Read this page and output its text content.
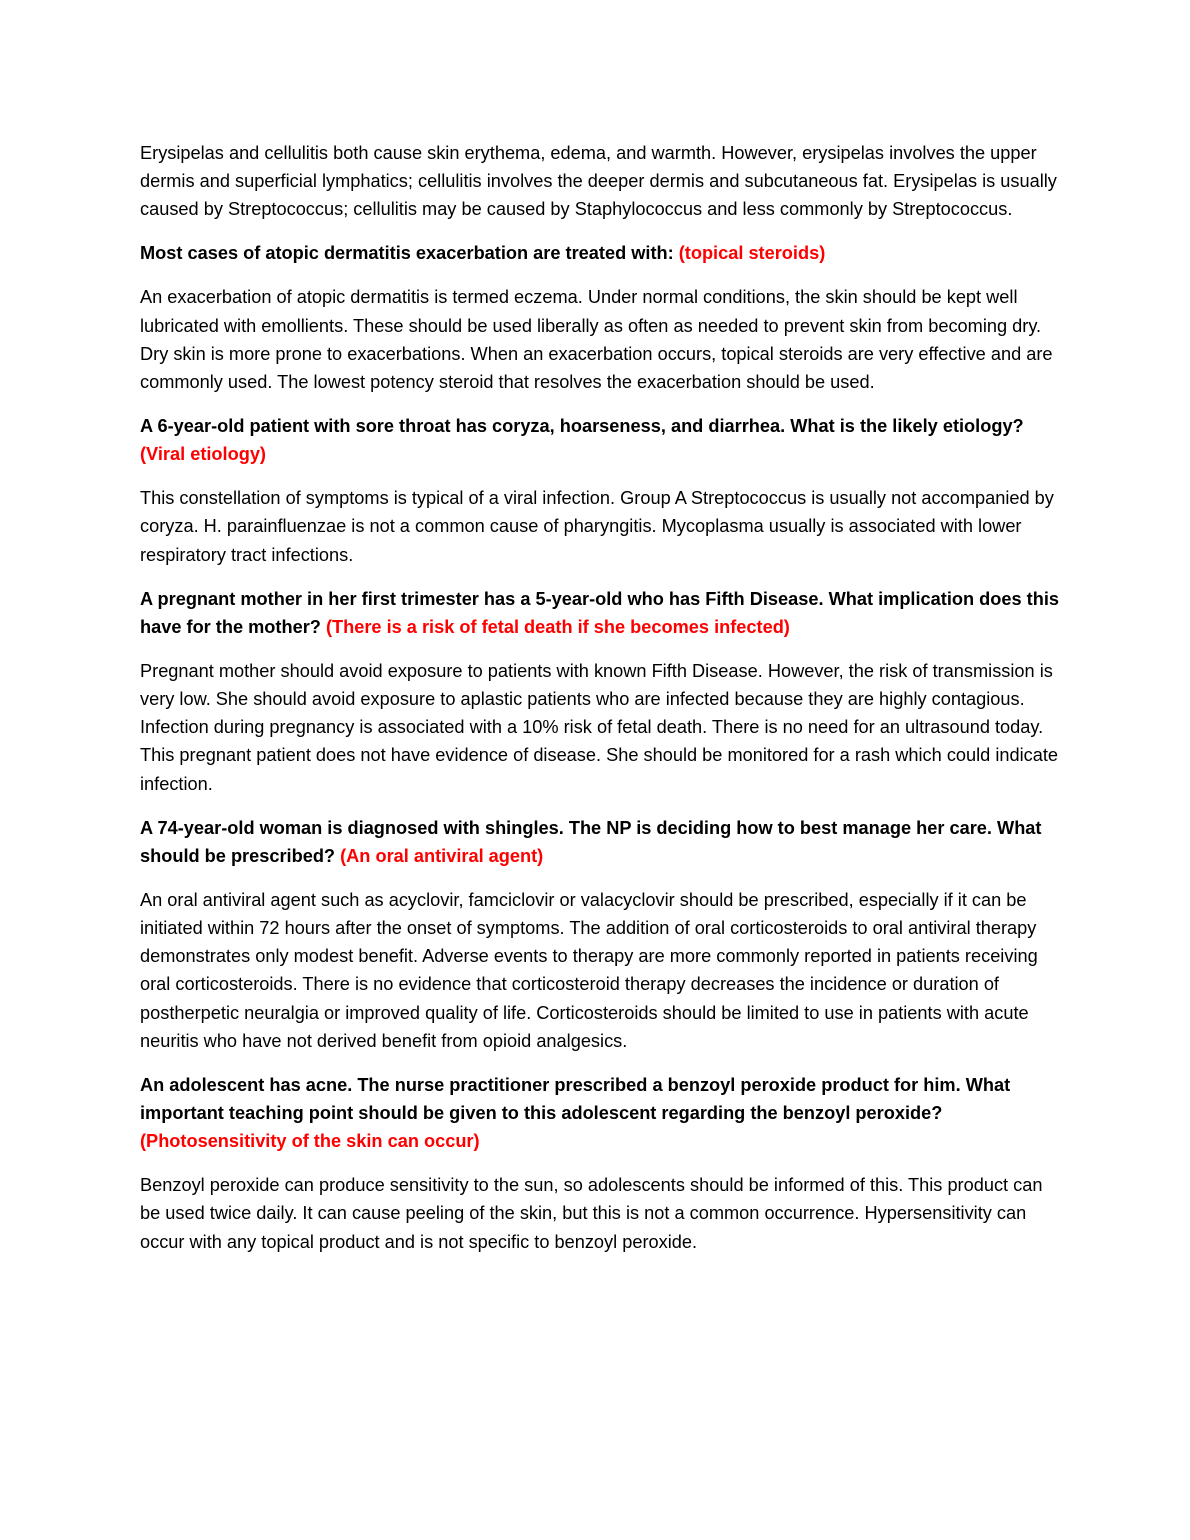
Erysipelas and cellulitis both cause skin erythema, edema, and warmth. However, erysipelas involves the upper dermis and superficial lymphatics; cellulitis involves the deeper dermis and subcutaneous fat. Erysipelas is usually caused by Streptococcus; cellulitis may be caused by Staphylococcus and less commonly by Streptococcus.

Most cases of atopic dermatitis exacerbation are treated with: (topical steroids)

An exacerbation of atopic dermatitis is termed eczema. Under normal conditions, the skin should be kept well lubricated with emollients. These should be used liberally as often as needed to prevent skin from becoming dry. Dry skin is more prone to exacerbations. When an exacerbation occurs, topical steroids are very effective and are commonly used. The lowest potency steroid that resolves the exacerbation should be used.

A 6-year-old patient with sore throat has coryza, hoarseness, and diarrhea. What is the likely etiology? (Viral etiology)

This constellation of symptoms is typical of a viral infection. Group A Streptococcus is usually not accompanied by coryza. H. parainfluenzae is not a common cause of pharyngitis. Mycoplasma usually is associated with lower respiratory tract infections.

A pregnant mother in her first trimester has a 5-year-old who has Fifth Disease. What implication does this have for the mother? (There is a risk of fetal death if she becomes infected)

Pregnant mother should avoid exposure to patients with known Fifth Disease. However, the risk of transmission is very low. She should avoid exposure to aplastic patients who are infected because they are highly contagious. Infection during pregnancy is associated with a 10% risk of fetal death. There is no need for an ultrasound today. This pregnant patient does not have evidence of disease. She should be monitored for a rash which could indicate infection.

A 74-year-old woman is diagnosed with shingles. The NP is deciding how to best manage her care. What should be prescribed? (An oral antiviral agent)

An oral antiviral agent such as acyclovir, famciclovir or valacyclovir should be prescribed, especially if it can be initiated within 72 hours after the onset of symptoms. The addition of oral corticosteroids to oral antiviral therapy demonstrates only modest benefit. Adverse events to therapy are more commonly reported in patients receiving oral corticosteroids. There is no evidence that corticosteroid therapy decreases the incidence or duration of postherpetic neuralgia or improved quality of life. Corticosteroids should be limited to use in patients with acute neuritis who have not derived benefit from opioid analgesics.

An adolescent has acne. The nurse practitioner prescribed a benzoyl peroxide product for him. What important teaching point should be given to this adolescent regarding the benzoyl peroxide? (Photosensitivity of the skin can occur)

Benzoyl peroxide can produce sensitivity to the sun, so adolescents should be informed of this. This product can be used twice daily. It can cause peeling of the skin, but this is not a common occurrence. Hypersensitivity can occur with any topical product and is not specific to benzoyl peroxide.
